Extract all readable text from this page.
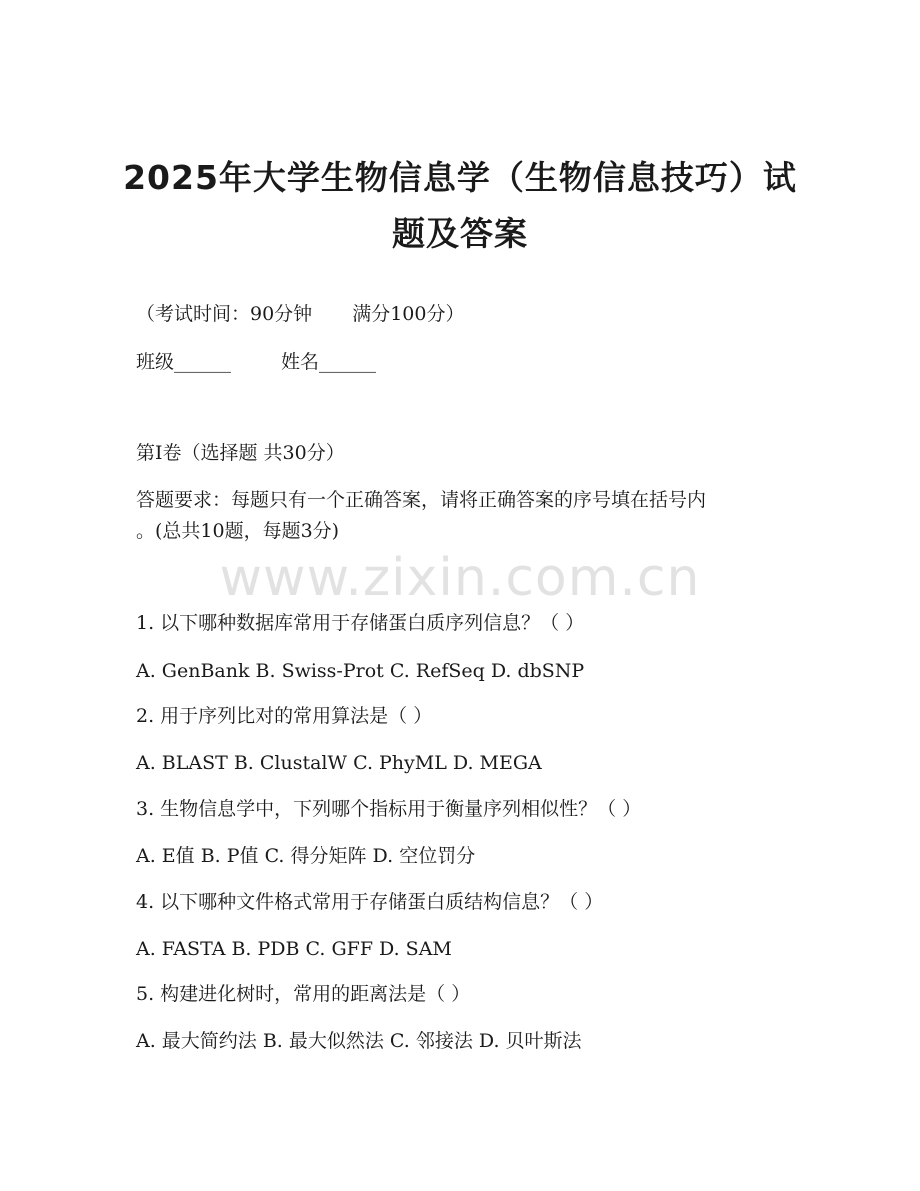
2025年大学生物信息学（生物信息技巧）试
题及答案
（考试时间：90分钟 满分100分）
班级______	姓名______
第I卷（选择题 共30分）
答题要求：每题只有一个正确答案，请将正确答案的序号填在括号内
。(总共10题，每题3分)
www.zixin.com.cn
1. 以下哪种数据库常用于存储蛋白质序列信息？（ ）
A. GenBank B. Swiss-Prot C. RefSeq D. dbSNP
2. 用于序列比对的常用算法是（ ）
A. BLAST B. ClustalW C. PhyML D. MEGA
3. 生物信息学中，下列哪个指标用于衡量序列相似性？（ ）
A. E值 B. P值 C. 得分矩阵 D. 空位罚分
4. 以下哪种文件格式常用于存储蛋白质结构信息？（ ）
A. FASTA B. PDB C. GFF D. SAM
5. 构建进化树时，常用的距离法是（ ）
A. 最大简约法 B. 最大似然法 C. 邻接法 D. 贝叶斯法
